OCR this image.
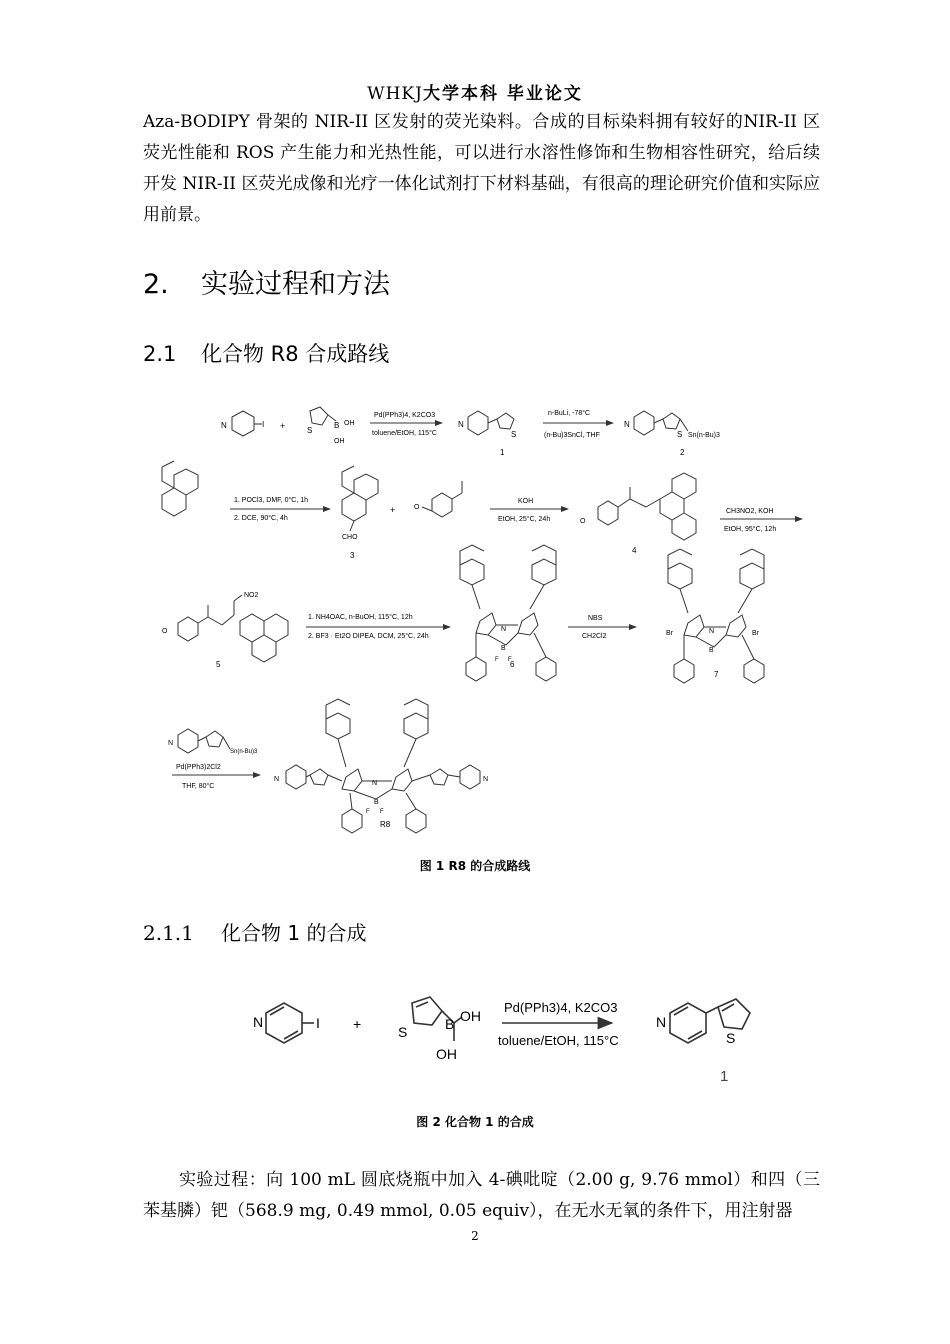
WHKJ大学本科 毕业论文

Aza-BODIPY 骨架的 NIR-II 区发射的荧光染料。合成的目标染料拥有较好的NIR-II 区荧光性能和 ROS 产生能力和光热性能，可以进行水溶性修饰和生物相容性研究，给后续开发 NIR-II 区荧光成像和光疗一体化试剂打下材料基础，有很高的理论研究价值和实际应用前景。

2. 实验过程和方法
2.1 化合物 R8 合成路线
N	I +	S
B OH
OH
Pd(PPh3)4, K2CO3
toluene/EtOH, 115°C
N
S
1
n-BuLi, -78°C
(n-Bu)3SnCl, THF
N
S Sn(n-Bu)3
2
1. POCl3, DMF, 0°C, 1h
2. DCE, 90°C, 4h
CHO
3
+	O
KOH
EtOH, 25°C, 24h	O
4
CH3NO2, KOH
EtOH, 95°C, 12h
NO2
O
5
1. NH4OAC, n-BuOH, 115°C, 12h
2. BF3 · Et2O DIPEA, DCM, 25°C, 24h
N
B
F F
6
NBS
CH2Cl2	Br	Br
N
B
7
N
Sn(n-Bu)3
Pd(PPh3)2Cl2
THF, 80°C
N	N
N
B
F F
R8
图 1 R8 的合成路线
2.1.1 化合物 1 的合成
N	I +	S	B OH
OH
Pd(PPh3)4, K2CO3
toluene/EtOH, 115°C
N
S
1
图 2 化合物 1 的合成

实验过程：向 100 mL 圆底烧瓶中加入 4-碘吡啶（2.00 g, 9.76 mmol）和四（三苯基膦）钯（568.9 mg, 0.49 mmol, 0.05 equiv），在无水无氧的条件下，用注射器

2
